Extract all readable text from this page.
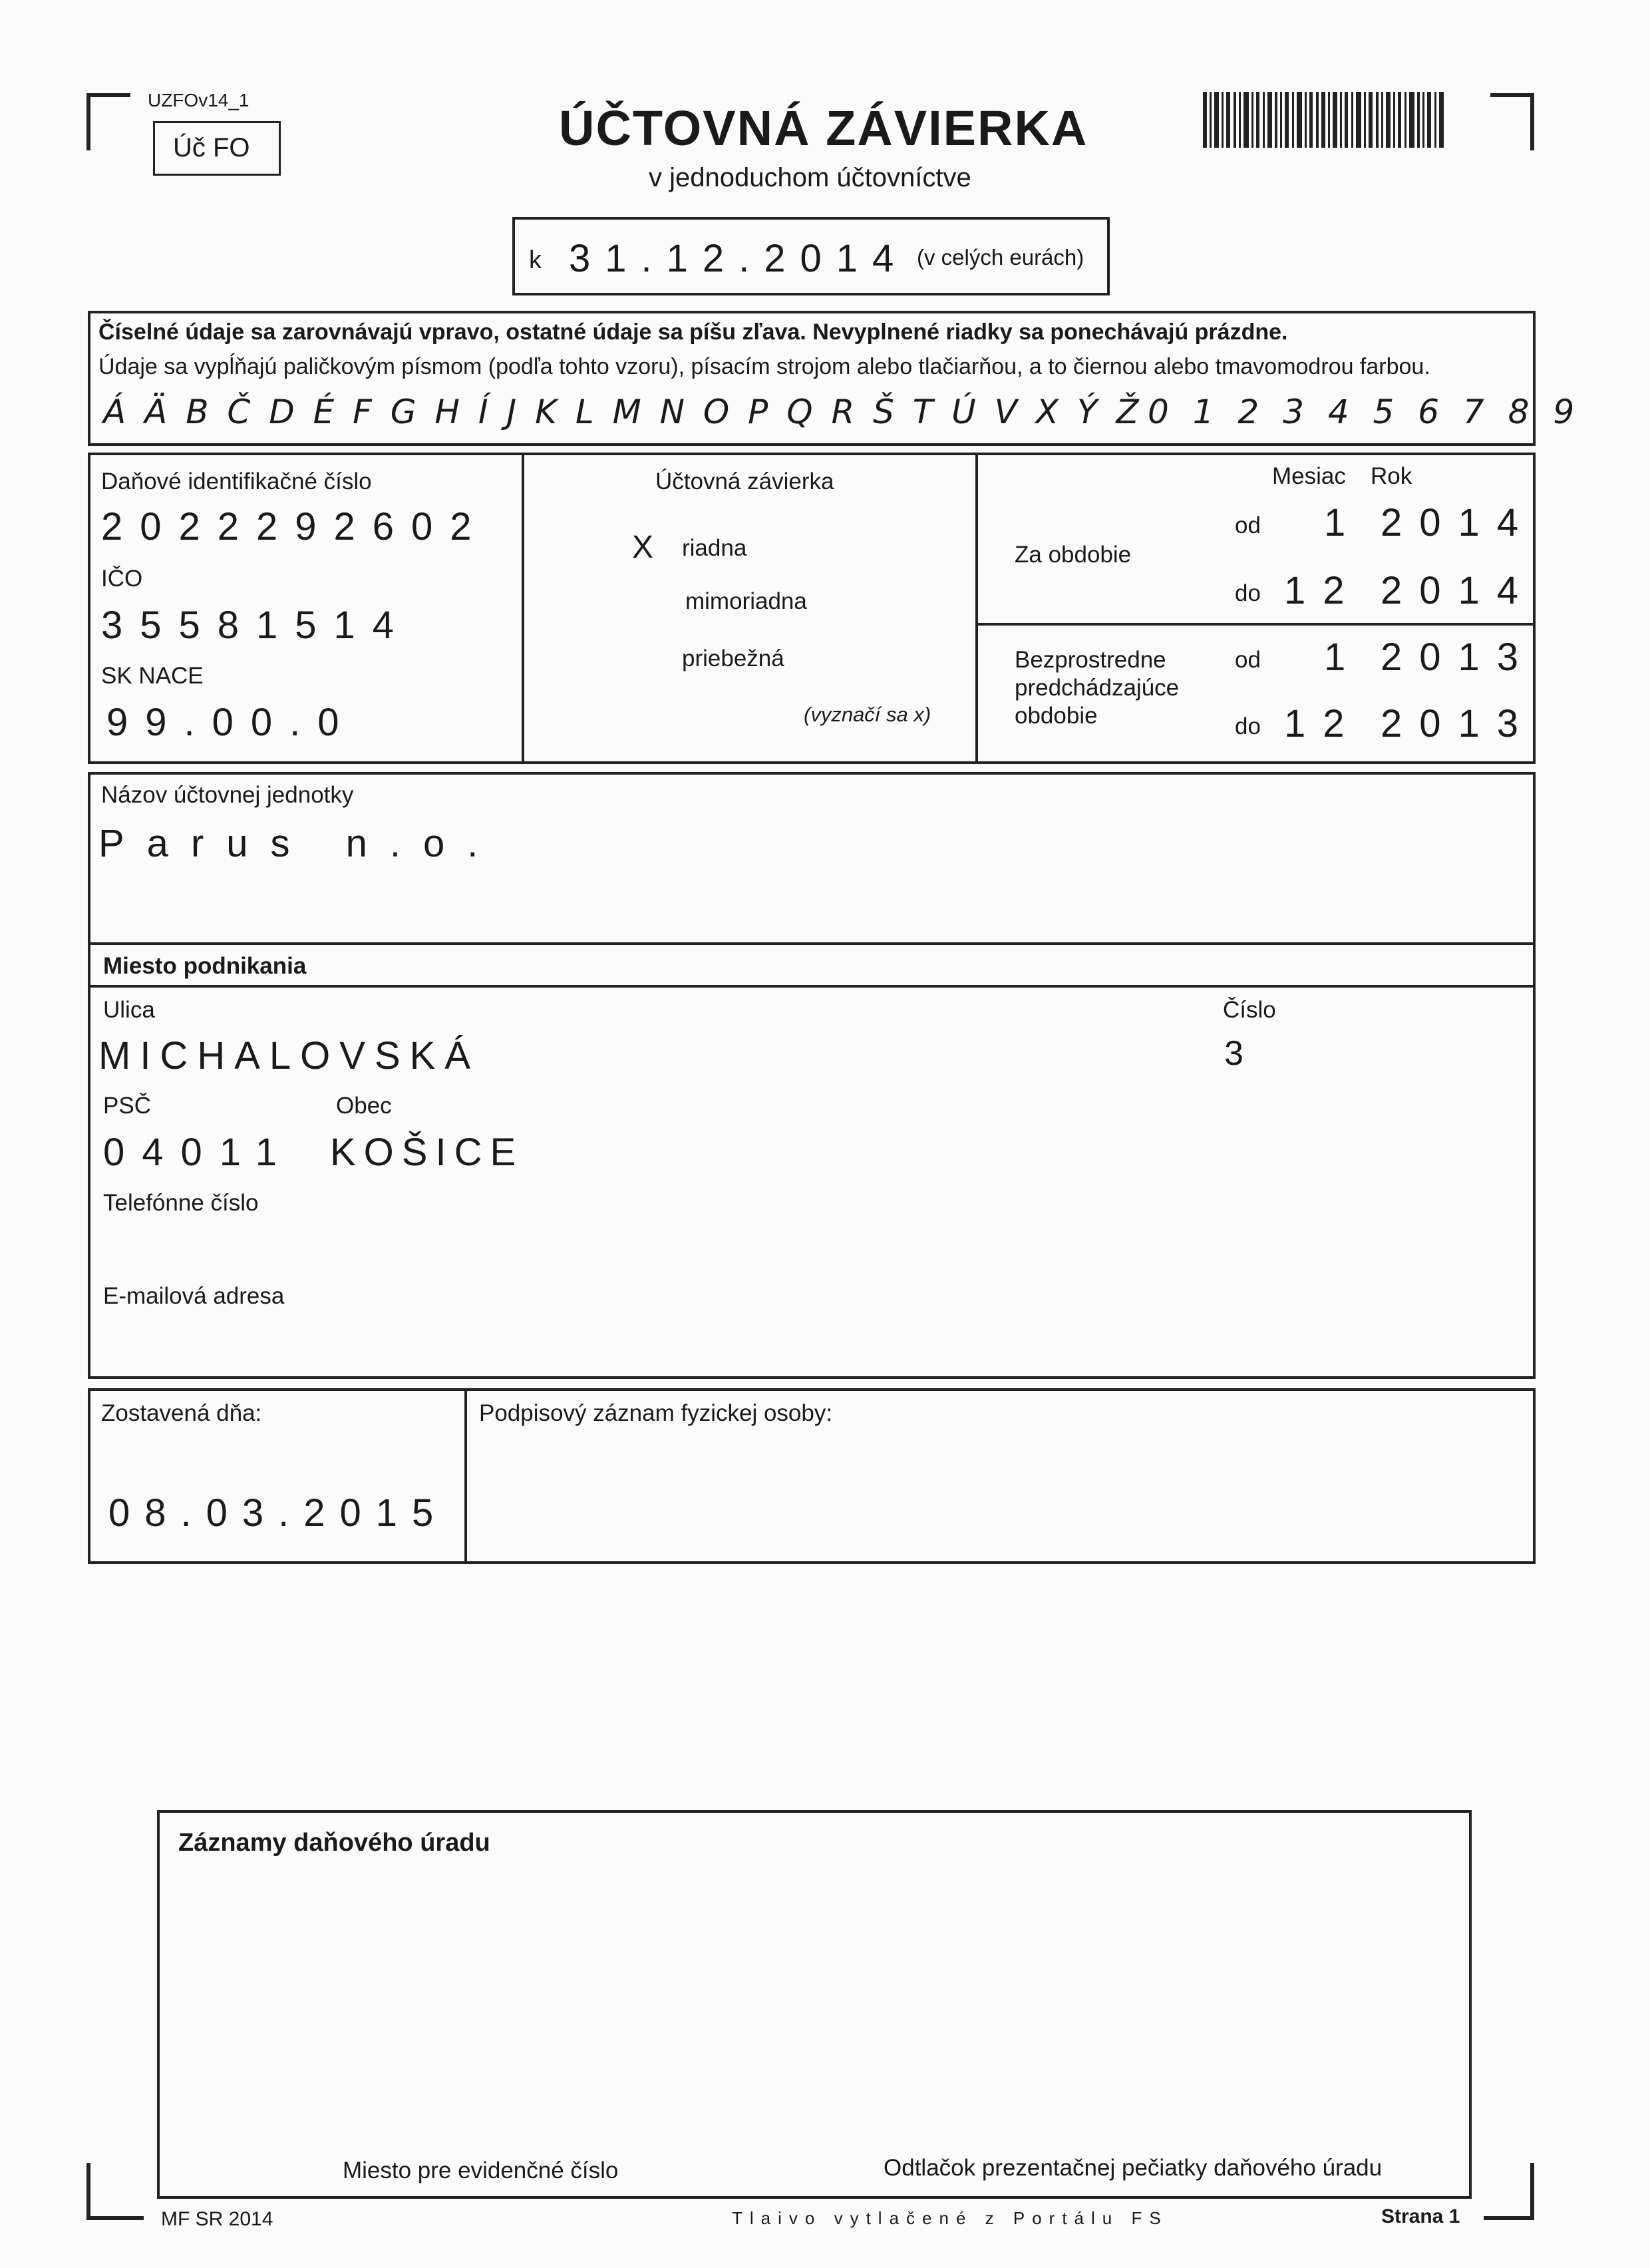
UZFOv14_1
Úč FO	ÚČTOVNÁ ZÁVIERKA
v jednoduchom účtovníctve
k 31.12.2014 (v celých eurách)
Číselné údaje sa zarovnávajú vpravo, ostatné údaje sa píšu zľava. Nevyplnené riadky sa ponechávajú prázdne.
Údaje sa vypĺňajú paličkovým písmom (podľa tohto vzoru), písacím strojom alebo tlačiarňou, a to čiernou alebo tmavomodrou farbou.
Á Ä B Č D É F G H Í J K L M N O P Q R Š T Ú V X Ý Ž 0 1 2 3 4 5 6 7 8 9
Daňové identifikačné číslo
2022292602
IČO
35581514
SK NACE
99.00.0
Účtovná závierka
X riadna
mimoriadna
priebežná
(vyznačí sa x)
Mesiac Rok
Za obdobie
od 1 2014
do 12 2014
Bezprostredne
predchádzajúce
obdobie
od 1 2013
do 12 2013
Názov účtovnej jednotky
Parus n.o.
Miesto podnikania
Ulica
MICHALOVSKÁ
Číslo
3
PSČ
04011
Obec
KOŠICE
Telefónne číslo
E-mailová adresa
Zostavená dňa:
08.03.2015
Podpisový záznam fyzickej osoby:
Záznamy daňového úradu
Miesto pre evidenčné číslo	Odtlačok prezentačnej pečiatky daňového úradu
MF SR 2014	Tlaivo vytlačené z Portálu FS	Strana 1
